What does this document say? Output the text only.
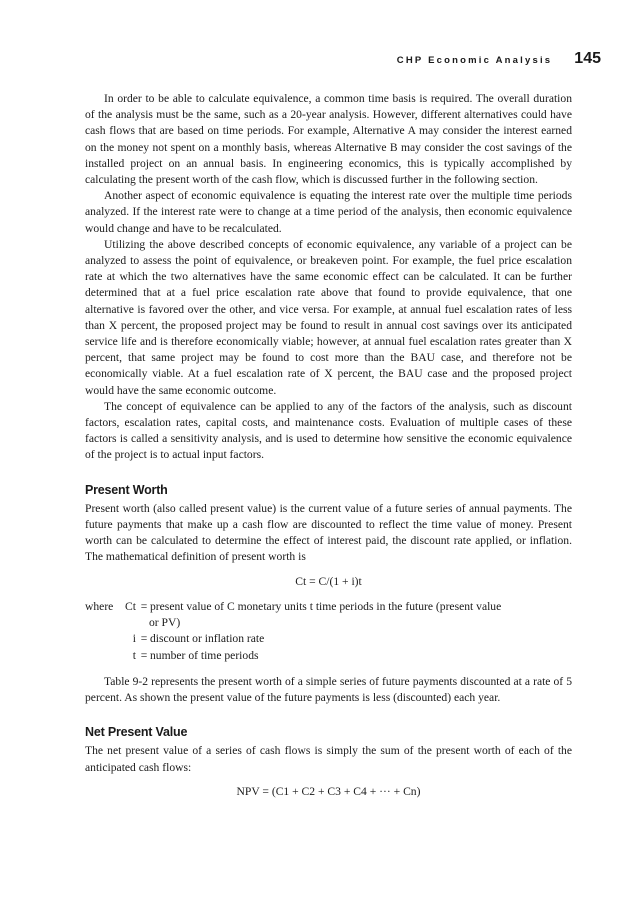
CHP Economic Analysis 145

In order to be able to calculate equivalence, a common time basis is required. The overall duration of the analysis must be the same, such as a 20-year analysis. However, different alternatives could have cash flows that are based on time periods. For example, Alternative A may consider the interest earned on the money not spent on a monthly basis, whereas Alternative B may consider the cost savings of the installed project on an annual basis. In engineering economics, this is typically accomplished by calculating the present worth of the cash flow, which is discussed further in the following section.

Another aspect of economic equivalence is equating the interest rate over the multiple time periods analyzed. If the interest rate were to change at a time period of the analysis, then economic equivalence would change and have to be recalculated.

Utilizing the above described concepts of economic equivalence, any variable of a project can be analyzed to assess the point of equivalence, or breakeven point. For example, the fuel price escalation rate at which the two alternatives have the same economic effect can be calculated. It can be further determined that at a fuel price escalation rate above that found to provide equivalence, that one alternative is favored over the other, and vice versa. For example, at annual fuel escalation rates of less than X percent, the proposed project may be found to result in annual cost savings over its anticipated service life and is therefore economically viable; however, at annual fuel escalation rates greater than X percent, that same project may be found to cost more than the BAU case, and therefore not be economically viable. At a fuel escalation rate of X percent, the BAU case and the proposed project would have the same economic outcome.

The concept of equivalence can be applied to any of the factors of the analysis, such as discount factors, escalation rates, capital costs, and maintenance costs. Evaluation of multiple cases of these factors is called a sensitivity analysis, and is used to determine how sensitive the economic equivalence of the project is to actual input factors.

Present Worth

Present worth (also called present value) is the current value of a future series of annual payments. The future payments that make up a cash flow are discounted to reflect the time value of money. Present worth can be calculated to determine the effect of interest paid, the discount rate applied, or inflation. The mathematical definition of present worth is

Ct = C/(1 + i)t
where	Ct = present value of C monetary units t time periods in the future (present value
or PV)
i = discount or inflation rate
t = number of time periods

Table 9-2 represents the present worth of a simple series of future payments discounted at a rate of 5 percent. As shown the present value of the future payments is less (discounted) each year.

Net Present Value

The net present value of a series of cash flows is simply the sum of the present worth of each of the anticipated cash flows:

NPV = (C1 + C2 + C3 + C4 + ··· + Cn)
